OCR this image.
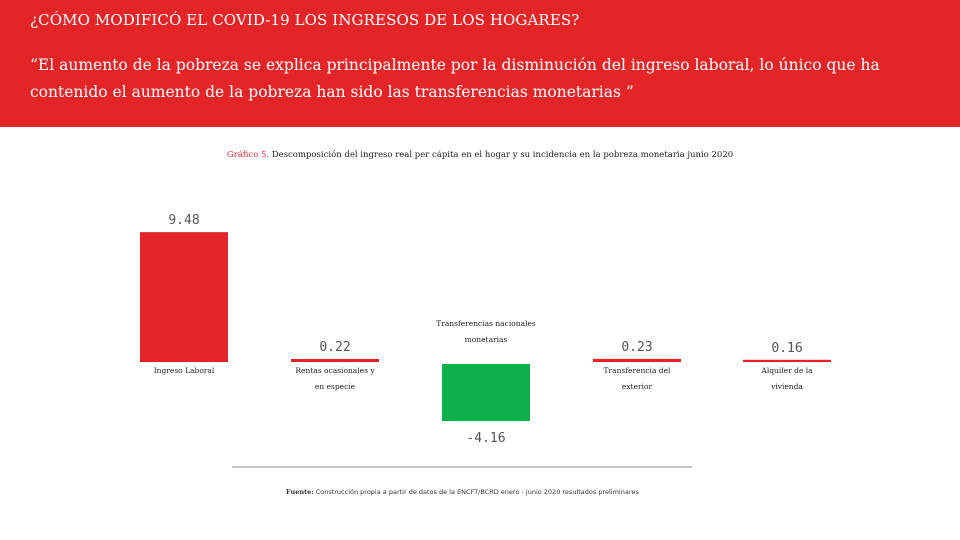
¿CÓMO MODIFICÓ EL COVID-19 LOS INGRESOS DE LOS HOGARES?
“El aumento de la pobreza se explica principalmente por la disminución del ingreso laboral, lo único que ha contenido el aumento de la pobreza han sido las transferencias monetarias ”
Gráfico 5. Descomposición del ingreso real per cápita en el hogar y su incidencia en la pobreza monetaria junio 2020
9.48
Ingreso Laboral
0.22
Rentas ocasionales y
en especie
-4.16
Transferencias nacionales
monetarias
0.23
Transferencia del
exterior
0.16
Alquiler de la
vivienda
Fuente: Construcción propia a partir de datos de la ENCFT/BCRD enero - junio 2020 resultados preliminares
